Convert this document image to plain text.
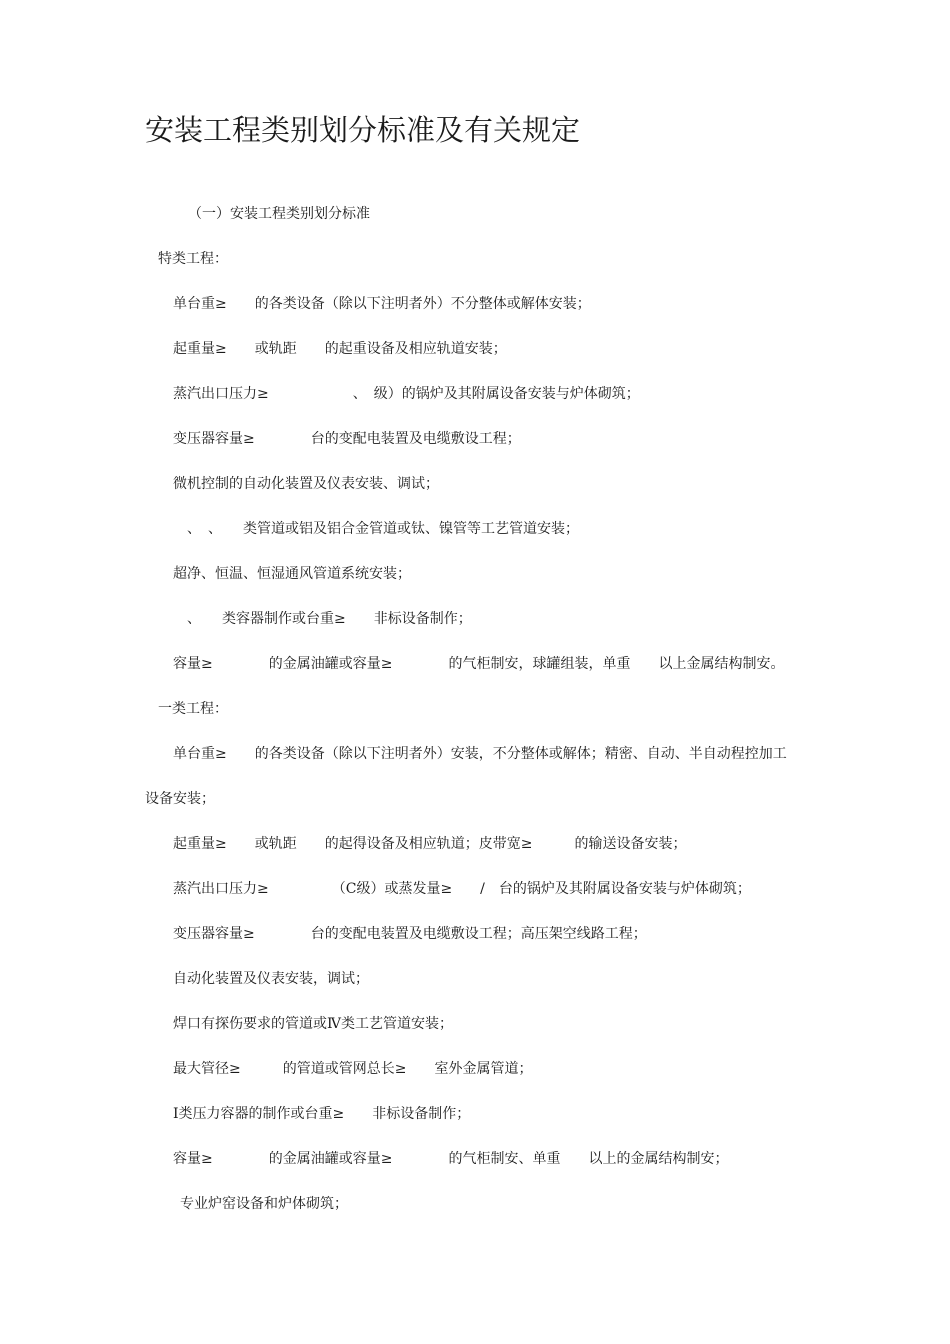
安装工程类别划分标准及有关规定
（一）安装工程类别划分标准
特类工程：
单台重≥　　的各类设备（除以下注明者外）不分整体或解体安装；
起重量≥　　或轨距　　的起重设备及相应轨道安装；
蒸汽出口压力≥　　　　　　、　级）的锅炉及其附属设备安装与炉体砌筑；
变压器容量≥　　　　台的变配电装置及电缆敷设工程；
微机控制的自动化装置及仪表安装、调试；
　、　、　　类管道或铝及铝合金管道或钛、镍管等工艺管道安装；
超净、恒温、恒湿通风管道系统安装；
　、　　类容器制作或台重≥　　非标设备制作；
容量≥　　　　的金属油罐或容量≥　　　　的气柜制安，球罐组装，单重　　以上金属结构制安。
一类工程：
单台重≥　　的各类设备（除以下注明者外）安装，不分整体或解体；精密、自动、半自动程控加工
设备安装；
起重量≥　　或轨距　　的起得设备及相应轨道；皮带宽≥　　　的输送设备安装；
蒸汽出口压力≥　　　　　（C级）或蒸发量≥　　/　台的锅炉及其附属设备安装与炉体砌筑；
变压器容量≥　　　　台的变配电装置及电缆敷设工程；高压架空线路工程；
自动化装置及仪表安装，调试；
焊口有探伤要求的管道或Ⅳ类工艺管道安装；
最大管径≥　　　的管道或管网总长≥　　室外金属管道；
Ⅰ类压力容器的制作或台重≥　　非标设备制作；
容量≥　　　　的金属油罐或容量≥　　　　的气柜制安、单重　　以上的金属结构制安；
专业炉窑设备和炉体砌筑；
